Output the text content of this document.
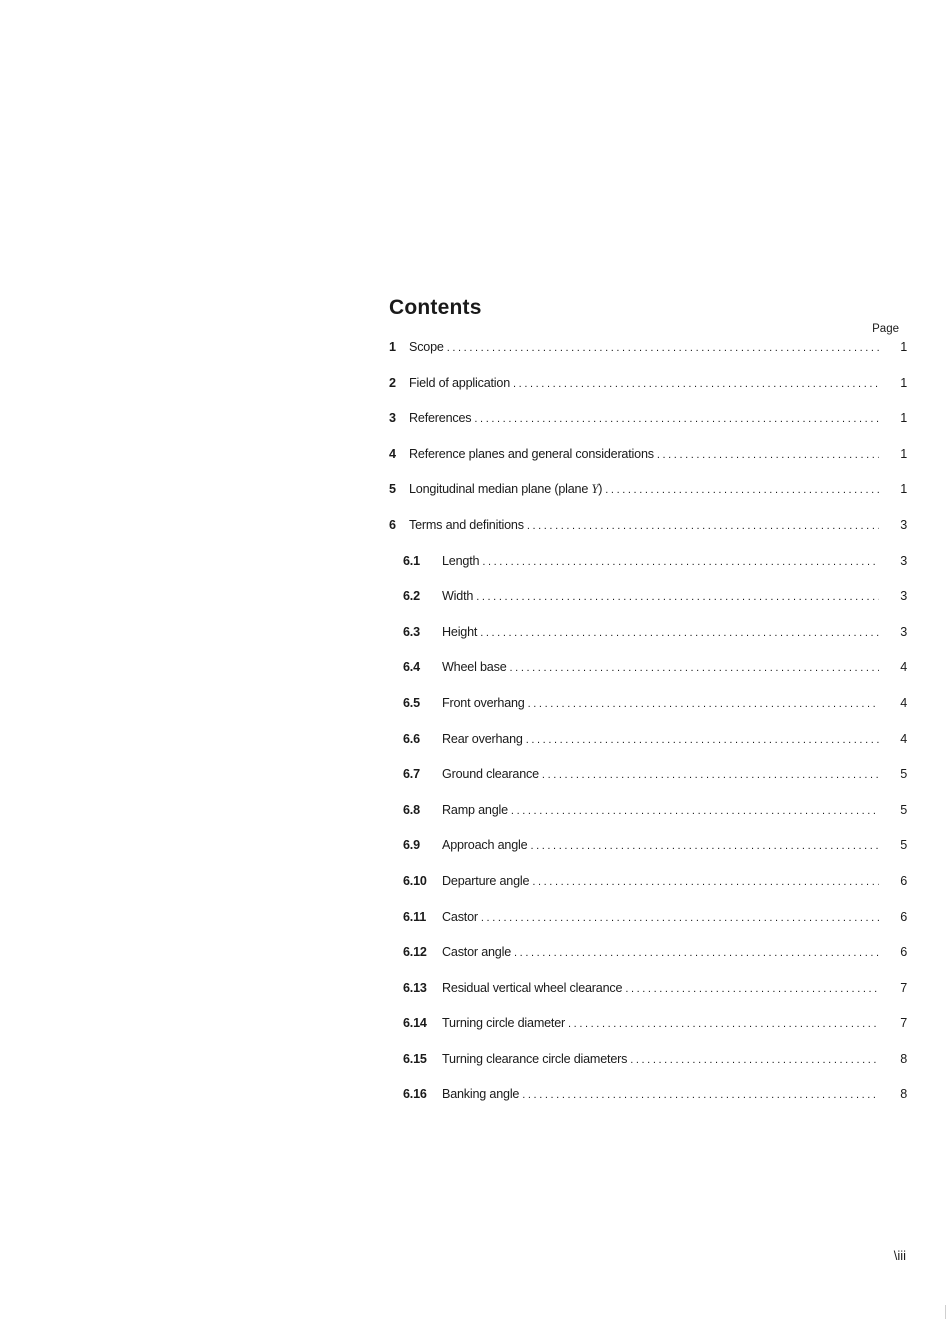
Contents
Page
1	Scope .....	1
2	Field of application .....	1
3	References .....	1
4	Reference planes and general considerations .....	1
5	Longitudinal median plane (plane Y) .....	1
6	Terms and definitions .....	3
6.1	Length .....	3
6.2	Width .....	3
6.3	Height .....	3
6.4	Wheel base .....	4
6.5	Front overhang .....	4
6.6	Rear overhang .....	4
6.7	Ground clearance .....	5
6.8	Ramp angle .....	5
6.9	Approach angle .....	5
6.10	Departure angle .....	6
6.11	Castor .....	6
6.12	Castor angle .....	6
6.13	Residual vertical wheel clearance .....	7
6.14	Turning circle diameter .....	7
6.15	Turning clearance circle diameters .....	8
6.16	Banking angle .....	8
\iii
